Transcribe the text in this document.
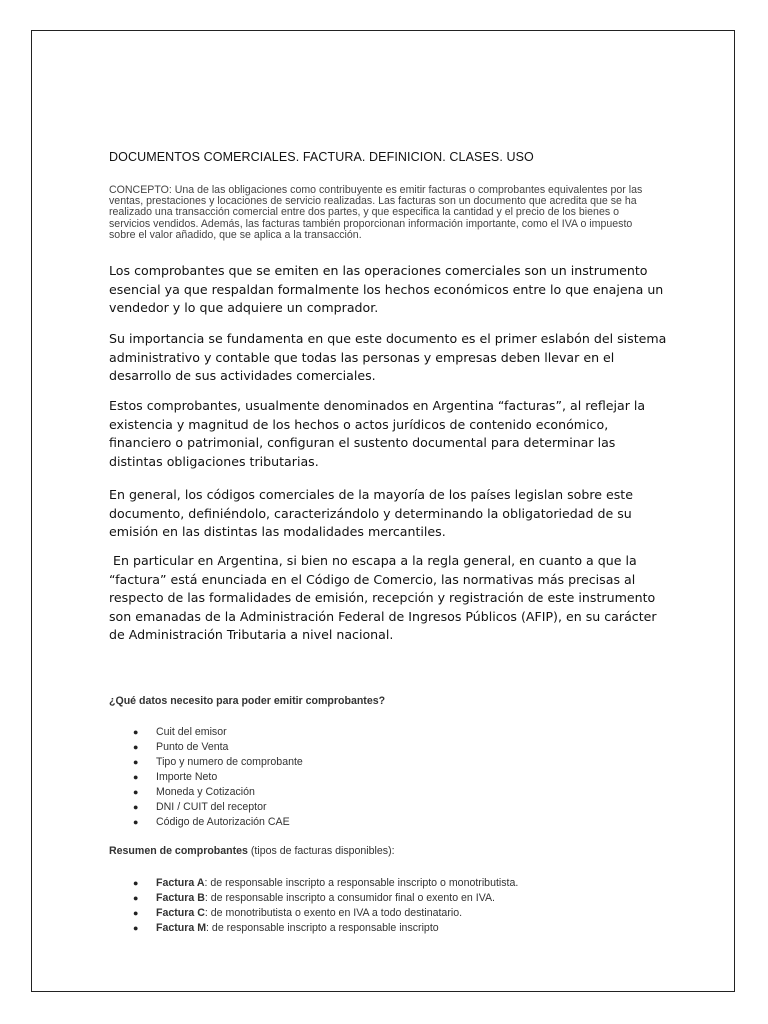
DOCUMENTOS COMERCIALES. FACTURA. DEFINICION. CLASES. USO
CONCEPTO: Una de las obligaciones como contribuyente es emitir facturas o comprobantes equivalentes por las ventas, prestaciones y locaciones de servicio realizadas. Las facturas son un documento que acredita que se ha realizado una transacción comercial entre dos partes, y que especifica la cantidad y el precio de los bienes o servicios vendidos. Además, las facturas también proporcionan información importante, como el IVA o impuesto sobre el valor añadido, que se aplica a la transacción.

Los comprobantes que se emiten en las operaciones comerciales son un instrumento esencial ya que respaldan formalmente los hechos económicos entre lo que enajena un vendedor y lo que adquiere un comprador.

Su importancia se fundamenta en que este documento es el primer eslabón del sistema administrativo y contable que todas las personas y empresas deben llevar en el desarrollo de sus actividades comerciales.

Estos comprobantes, usualmente denominados en Argentina “facturas”, al reflejar la existencia y magnitud de los hechos o actos jurídicos de contenido económico, financiero o patrimonial, configuran el sustento documental para determinar las distintas obligaciones tributarias.

En general, los códigos comerciales de la mayoría de los países legislan sobre este documento, definiéndolo, caracterizándolo y determinando la obligatoriedad de su emisión en las distintas las modalidades mercantiles.

En particular en Argentina, si bien no escapa a la regla general, en cuanto a que la “factura” está enunciada en el Código de Comercio, las normativas más precisas al respecto de las formalidades de emisión, recepción y registración de este instrumento son emanadas de la Administración Federal de Ingresos Públicos (AFIP), en su carácter de Administración Tributaria a nivel nacional.

¿Qué datos necesito para poder emitir comprobantes?
● Cuit del emisor
● Punto de Venta
● Tipo y numero de comprobante
● Importe Neto
● Moneda y Cotización
● DNI / CUIT del receptor
● Código de Autorización CAE
Resumen de comprobantes (tipos de facturas disponibles):
● Factura A: de responsable inscripto a responsable inscripto o monotributista.
● Factura B: de responsable inscripto a consumidor final o exento en IVA.
● Factura C: de monotributista o exento en IVA a todo destinatario.
● Factura M: de responsable inscripto a responsable inscripto
